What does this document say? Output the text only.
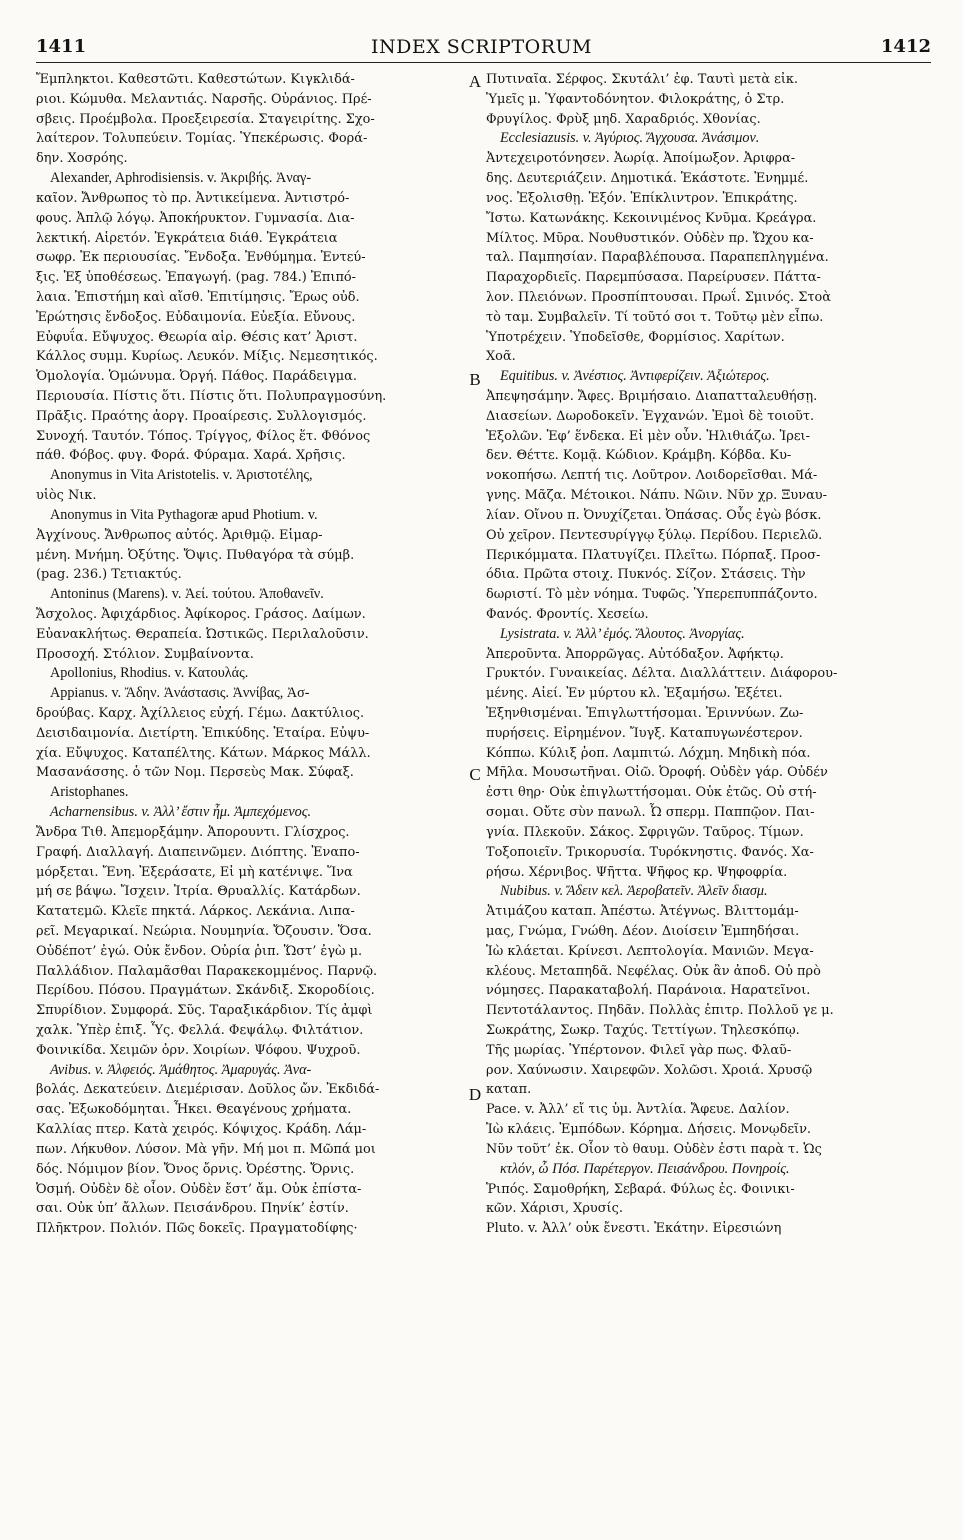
1411	INDEX SCRIPTORUM	1412
Ἔμπληκτοι. Καθεστῶτι. Καθεστώτων. Κιγκλιδά-
ριοι. Κώμυθα. Μελαντιάς. Ναρσῆς. Οὐράνιος. Πρέ-
σβεις. Προέμβολα. Προεξειρεσία. Σταγειρίτης. Σχο-
λαίτερον. Τολυπεύειν. Τομίας. Ὑπεκέρωσις. Φορά-
δην. Χοσρόης.
Alexander, Aphrodisiensis. v. Ἀκριβής. Ἀναγ-
καῖον. Ἄνθρωπος τὸ πρ. Ἀντικείμενα. Ἀντιστρό-
φους. Ἀπλῷ λόγῳ. Ἀποκήρυκτον. Γυμνασία. Δια-
λεκτική. Αἱρετόν. Ἐγκράτεια διάθ. Ἐγκράτεια
σωφρ. Ἐκ περιουσίας. Ἔνδοξα. Ἐνθύμημα. Ἐντεύ-
ξις. Ἐξ ὑποθέσεως. Ἐπαγωγή. (pag. 784.) Ἐπιπό-
λαια. Ἐπιστήμη καὶ αἴσθ. Ἐπιτίμησις. Ἔρως οὐδ.
Ἐρώτησις ἔνδοξος. Εὐδαιμονία. Εὐεξία. Εὔνους.
Εὐφυΐα. Εὔψυχος. Θεωρία αἱρ. Θέσις κατ’ Ἀριστ.
Κάλλος συμμ. Κυρίως. Λευκόν. Μίξις. Νεμεσητικός.
Ὁμολογία. Ὁμώνυμα. Ὀργή. Πάθος. Παράδειγμα.
Περιουσία. Πίστις ὅτι. Πίστις ὅτι. Πολυπραγμοσύνη.
Πρᾶξις. Πραότης ἀοργ. Προαίρεσις. Συλλογισμός.
Συνοχή. Ταυτόν. Τόπος. Τρίγγος, Φίλος ἕτ. Φθόνος
πάθ. Φόβος. φυγ. Φορά. Φύραμα. Χαρά. Χρῆσις.
Anonymus in Vita Aristotelis. v. Ἀριστοτέλης,
υἱὸς Νικ.
Anonymus in Vita Pythagoræ apud Photium. v.
Ἀγχίνους. Ἄνθρωπος αὐτός. Ἀριθμῷ. Εἱμαρ-
μένη. Μνήμη. Ὀξύτης. Ὄψις. Πυθαγόρα τὰ σύμβ.
(pag. 236.) Τετιακτύς.
Antoninus (Marens). v. Ἀεί. τούτου. Ἀποθανεῖν.
Ἄσχολος. Ἀφιχάρδιος. Ἀφίκορος. Γράσος. Δαίμων.
Εὐανακλήτως. Θεραπεία. Ὠστικῶς. Περιλαλοῦσιν.
Προσοχή. Στόλιον. Συμβαίνοντα.
Apollonius, Rhodius. v. Κατουλάς.
Appianus. v. Ἄδην. Ἀνάστασις. Ἀννίβας, Ἀσ-
δρούβας. Καρχ. Ἀχίλλειος εὐχή. Γέμω. Δακτύλιος.
Δεισιδαιμονία. Διετίρτη. Ἐπικύδης. Ἑταίρα. Εὐψυ-
χία. Εὔψυχος. Καταπέλτης. Κάτων. Μάρκος Μάλλ.
Μασανάσσης. ὁ τῶν Νομ. Περσεὺς Μακ. Σύφαξ.
Aristophanes.
Acharnensibus. v. Ἀλλ’ ἔστιν ἦμ. Ἀμπεχόμενος.
Ἄνδρα Τιθ. Ἀπεμορξάμην. Ἀπορουντι. Γλίσχρος.
Γραφή. Διαλλαγή. Διαπεινῶμεν. Διόπτης. Ἐναπο-
μόρξεται. Ἔνη. Ἐξεράσατε, Εἰ μὴ κατένιψε. Ἵνα
μή σε βάψω. Ἴσχειν. Ἰτρία. Θρυαλλίς. Κατάρδων.
Κατατεμῶ. Κλεῖε πηκτά. Λάρκος. Λεκάνια. Λιπα-
ρεῖ. Μεγαρικαί. Νεώρια. Νουμηνία. Ὄζουσιν. Ὅσα.
Οὐδέποτ’ ἐγώ. Οὐκ ἔνδον. Οὐρία ῥιπ. Ὥστ’ ἐγὼ μ.
Παλλάδιον. Παλαμᾶσθαι Παρακεκομμένος. Παρνῷ.
Περίδου. Πόσου. Πραγμάτων. Σκάνδιξ. Σκοροδίοις.
Σπυρίδιον. Συμφορά. Σῦς. Ταραξικάρδιον. Τίς ἀμφὶ
χαλκ. Ὑπὲρ ἐπιξ. Ὗς. Φελλά. Φεψάλῳ. Φιλτάτιον.
Φοινικίδα. Χειμῶν ὀρν. Χοιρίων. Ψόφου. Ψυχροῦ.
Avibus. v. Ἀλφειός. Ἀμάθητος. Ἀμαρυγάς. Ἀνα-
βολάς. Δεκατεύειν. Διεμέρισαν. Δοῦλος ὤν. Ἐκδιδά-
σας. Ἐξωκοδόμηται. Ἧκει. Θεαγένους χρήματα.
Καλλίας πτερ. Κατὰ χειρός. Κόψιχος. Κράδη. Λάμ-
πων. Λήκυθον. Λύσον. Μὰ γῆν. Μή μοι π. Μῶπά μοι
δός. Νόμιμον βίον. Ὄνος ὄρνις. Ὀρέστης. Ὄρνις.
Ὀσμή. Οὐδὲν δὲ οἷον. Οὐδὲν ἔστ’ ἄμ. Οὐκ ἐπίστα-
σαι. Οὐκ ὑπ’ ἄλλων. Πεισάνδρου. Πηνίκ’ ἐστίν.
Πλῆκτρον. Πολιόν. Πῶς δοκεῖς. Πραγματοδίφης·
Πυτιναῖα. Σέρφος. Σκυτάλι’ ἐφ. Ταυτὶ μετὰ εἰκ.
Ὑμεῖς μ. Ὑφαντοδόνητον. Φιλοκράτης, ὁ Στρ.
Φρυγίλος. Φρὺξ μηδ. Χαραδριός. Χθονίας.
Ecclesiazusis. v. Ἀγύριος. Ἄγχουσα. Ἀνάσιμον.
Ἀντεχειροτόνησεν. Ἀωρίᾳ. Ἀποίμωξον. Ἀριφρα-
δης. Δευτεριάζειν. Δημοτικά. Ἑκάστοτε. Ἐνημμέ.
νος. Ἐξολισθῃ. Ἐξόν. Ἐπίκλιντρον. Ἐπικράτης.
Ἴστω. Κατωνάκης. Κεκοινιμένος Κνῦμα. Κρεάγρα.
Μίλτος. Μῦρα. Νουθυστικόν. Οὐδὲν πρ. Ὤχου κα-
ταλ. Παμπησίαν. Παραβλέπουσα. Παραπεπληγμένα.
Παραχορδιεῖς. Παρεμπύσασα. Παρείρυσεν. Πάττα-
λον. Πλειόνων. Προσπίπτουσαι. Πρωΐ. Σμινός. Στοὰ
τὸ ταμ. Συμβαλεῖν. Τί τοῦτό σοι τ. Τοῦτῳ μὲν εἶπω.
Ὑποτρέχειν. Ὑποδεῖσθε, Φορμίσιος. Χαρίτων.
Χοᾶ.
Equitibus. v. Ἀνέστιος. Ἀντιφερίζειν. Ἀξιώτερος.
Ἀπεψησάμην. Ἄφες. Βριμήσαιο. Διαπατταλευθήσῃ.
Διασείων. Δωροδοκεῖν. Ἐγχανών. Ἐμοὶ δὲ τοιοῦτ.
Ἐξολῶν. Ἐφ’ ἕνδεκα. Εἰ μὲν οὖν. Ἠλιθιάζω. Ἱρει-
δεν. Θέττε. Κομᾷ. Κώδιον. Κράμβη. Κόβδα. Κυ-
νοκοπήσω. Λεπτή τις. Λοῦτρον. Λοιδορεῖσθαι. Μά-
γνης. Μᾶζα. Μέτοικοι. Νάπυ. Νῶιν. Νῦν χρ. Ξυναυ-
λίαν. Οἴνου π. Ὀνυχίζεται. Ὀπάσας. Οὖς ἐγὼ βόσκ.
Οὐ χεῖρον. Πεντεσυρίγγῳ ξύλῳ. Περίδου. Περιελῶ.
Περικόμματα. Πλατυγίζει. Πλεῖτω. Πόρπαξ. Προσ-
όδια. Πρῶτα στοιχ. Πυκνός. Σίζον. Στάσεις. Τὴν
δωριστί. Τὸ μὲν νόημα. Τυφῶς. Ὑπερεπυππάζοντο.
Φανός. Φροντίς. Χεσείω.
Lysistrata. v. Ἀλλ’ ἐμός. Ἄλουτος. Ἀνοργίας.
Ἀπεροῦντα. Ἀπορρῶγας. Αὐτόδαξον. Ἀφήκτῳ.
Γρυκτόν. Γυναικείας. Δέλτα. Διαλλάττειν. Διάφορου-
μένης. Αἰεί. Ἐν μύρτου κλ. Ἐξαμήσω. Ἐξέτει.
Ἐξηνθισμέναι. Ἐπιγλωττήσομαι. Ἐριννύων. Ζω-
πυρήσεις. Εἰρημένον. Ἴυγξ. Καταπυγωνέστερον.
Κόππω. Κύλιξ ῥοπ. Λαμπιτώ. Λόχμη. Μηδικὴ πόα.
Μῆλα. Μουσωτῆναι. Οἰῶ. Ὀροφή. Οὐδὲν γάρ. Οὐδέν
ἐστι θηρ· Οὐκ ἐπιγλωττήσομαι. Οὐκ ἐτῶς. Οὐ στή-
σομαι. Οὔτε σὺν πανωλ. Ὦ σπερμ. Παππῷον. Παι-
γνία. Πλεκοῦν. Σάκος. Σφριγῶν. Ταῦρος. Τίμων.
Τοξοποιεῖν. Τρικορυσία. Τυρόκνηστις. Φανός. Χα-
ρήσω. Χέρνιβος. Ψῆττα. Ψῆφος κρ. Ψηφοφρία.
Nubibus. v. Ἄδειν κελ. Ἀεροβατεῖν. Ἀλεῖν διασμ.
Ἀτιμάζου καταπ. Ἀπέστω. Ἀτέγνως. Βλιττομάμ-
μας, Γνώμα, Γνώθη. Δέον. Διοίσειν Ἐμπηδήσαι.
Ἰὼ κλάεται. Κρίνεσι. Λεπτολογία. Μανιῶν. Μεγα-
κλέους. Μεταπηδᾶ. Νεφέλας. Οὐκ ἂν ἀποδ. Οὐ πρὸ
νόμησες. Παρακαταβολή. Παράνοια. Ηαρατεῖνοι.
Πεντοτάλαντος. Πηδᾶν. Πολλὰς ἐπιτρ. Πολλοῦ γε μ.
Σωκράτης, Σωκρ. Ταχύς. Τεττίγων. Τηλεσκόπῳ.
Τῆς μωρίας. Ὑπέρτονον. Φιλεῖ γὰρ πως. Φλαῦ-
ρον. Χαύνωσιν. Χαιρεφῶν. Χολῶσι. Χροιά. Χρυσῷ
καταπ.
Pace. v. Ἀλλ’ εἴ τις ὑμ. Ἀντλία. Ἄφευε. Δαλίον.
Ἰὼ κλάεις. Ἐμπόδων. Κόρημα. Δήσεις. Μονῳδεῖν.
Νῦν τοῦτ’ ἐκ. Οἷον τὸ θαυμ. Οὐδὲν ἐστι παρὰ τ. Ὡς
κτλόν, ὦ Πόσ. Παρέτεργον. Πεισάνδρου. Πονηροίς.
Ῥιπός. Σαμοθρήκη, Σεβαρά. Φύλως ἐς. Φοινικι-
κῶν. Χάρισι, Χρυσίς.
Pluto. v. Ἀλλ’ οὐκ ἔνεστι. Ἑκάτην. Εἰρεσιώνη
A
B
C
D
